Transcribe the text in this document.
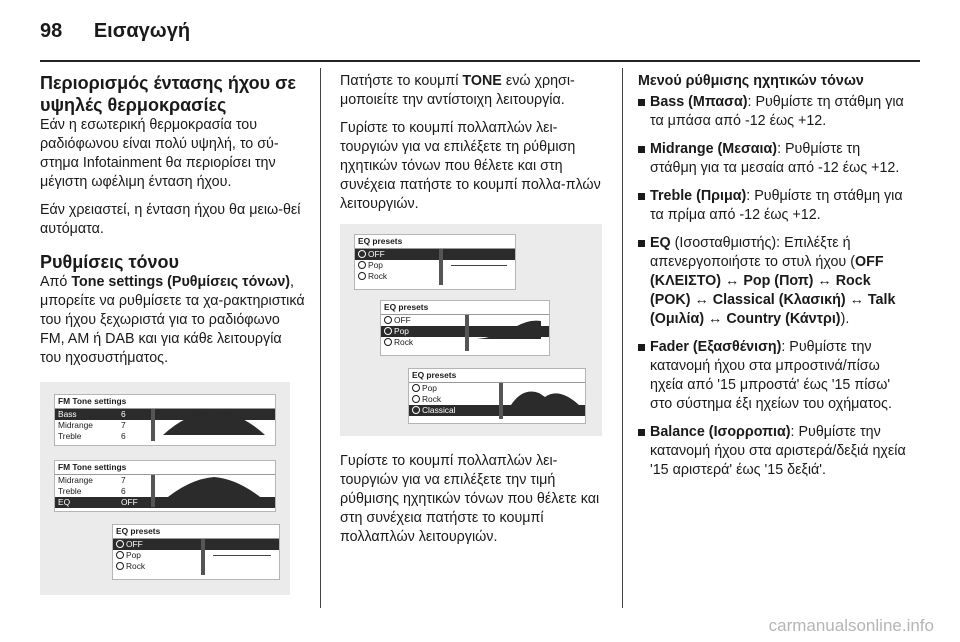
98 Εισαγωγή
Περιορισμός έντασης ήχου σε υψηλές θερμοκρασίες

Εάν η εσωτερική θερμοκρασία του ραδιόφωνου είναι πολύ υψηλή, το σύ-στημα Infotainment θα περιορίσει την μέγιστη ωφέλιμη ένταση ήχου.

Εάν χρειαστεί, η ένταση ήχου θα μειω-θεί αυτόματα.

Ρυθμίσεις τόνου

Από Tone settings (Ρυθμίσεις τόνων), μπορείτε να ρυθμίσετε τα χα-ρακτηριστικά του ήχου ξεχωριστά για το ραδιόφωνο FM, AM ή DAB και για κάθε λειτουργία του ηχοσυστήματος.

FM Tone settings
Bass	6
Midrange	7
Treble	6
FM Tone settings
Midrange	7
Treble	6
EQ	OFF
EQ presets
OFF
Pop
Rock

Πατήστε το κουμπί TONE ενώ χρησι-μοποιείτε την αντίστοιχη λειτουργία.

Γυρίστε το κουμπί πολλαπλών λει-τουργιών για να επιλέξετε τη ρύθμιση ηχητικών τόνων που θέλετε και στη συνέχεια πατήστε το κουμπί πολλα-πλών λειτουργιών.

EQ presets
OFF
Pop
Rock
EQ presets
OFF
Pop
Rock
EQ presets
Pop
Rock
Classical

Γυρίστε το κουμπί πολλαπλών λει-τουργιών για να επιλέξετε την τιμή ρύθμισης ηχητικών τόνων που θέλετε και στη συνέχεια πατήστε το κουμπί πολλαπλών λειτουργιών.

Μενού ρύθμισης ηχητικών τόνων
Bass (Μπασα): Ρυθμίστε τη στάθμη για τα μπάσα από -12 έως +12.
Midrange (Μεσαια): Ρυθμίστε τη στάθμη για τα μεσαία από -12 έως +12.
Treble (Πριμα): Ρυθμίστε τη στάθμη για τα πρίμα από -12 έως +12.
EQ (Ισοσταθμιστής): Επιλέξτε ή απενεργοποιήστε το στυλ ήχου (OFF (ΚΛΕΙΣΤΟ) ↔ Pop (Ποπ) ↔ Rock (ΡΟΚ) ↔ Classical (Κλασική) ↔ Talk (Ομιλία) ↔ Country (Κάντρι)).
Fader (Εξασθένιση): Ρυθμίστε την κατανομή ήχου στα μπροστινά/πίσω ηχεία από '15 μπροστά' έως '15 πίσω' στο σύστημα έξι ηχείων του οχήματος.
Balance (Ισορροπια): Ρυθμίστε την κατανομή ήχου στα αριστερά/δεξιά ηχεία '15 αριστερά' έως '15 δεξιά'.
carmanualsonline.info
